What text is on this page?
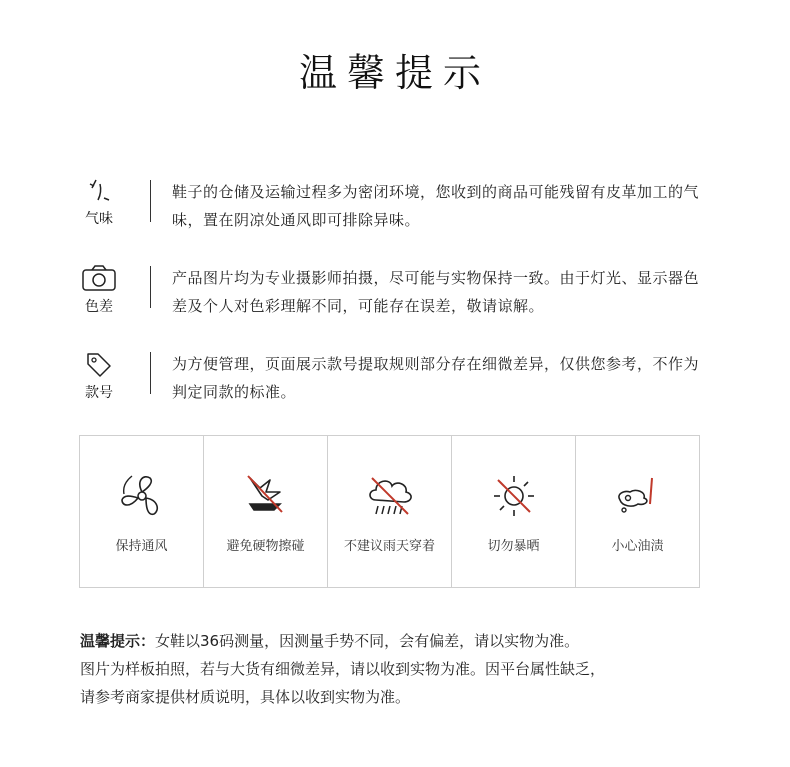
温馨提示
气味
鞋子的仓储及运输过程多为密闭环境，您收到的商品可能残留有皮革加工的气味，置在阴凉处通风即可排除异味。
色差
产品图片均为专业摄影师拍摄，尽可能与实物保持一致。由于灯光、显示器色差及个人对色彩理解不同，可能存在误差，敬请谅解。
款号
为方便管理，页面展示款号提取规则部分存在细微差异，仅供您参考，不作为判定同款的标准。
保持通风	避免硬物擦碰	不建议雨天穿着	切勿暴晒	小心油渍
温馨提示：女鞋以36码测量，因测量手势不同，会有偏差，请以实物为准。
图片为样板拍照，若与大货有细微差异，请以收到实物为准。因平台属性缺乏，
请参考商家提供材质说明，具体以收到实物为准。
